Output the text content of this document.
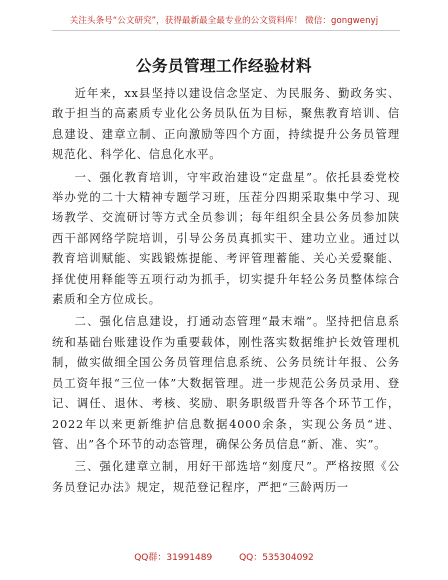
关注头条号“公文研究”，获得最新最全最专业的公文资料库！ 微信：gongwenyj
公务员管理工作经验材料

近年来，xx县坚持以建设信念坚定、为民服务、勤政务实、敢于担当的高素质专业化公务员队伍为目标，聚焦教育培训、信息建设、建章立制、正向激励等四个方面，持续提升公务员管理规范化、科学化、信息化水平。

一、强化教育培训，守牢政治建设“定盘星”。依托县委党校举办党的二十大精神专题学习班，压茬分四期采取集中学习、现场教学、交流研讨等方式全员参训；每年组织全县公务员参加陕西干部网络学院培训，引导公务员真抓实干、建功立业。通过以教育培训赋能、实践锻炼提能、考评管理蓄能、关心关爱聚能、择优使用释能等五项行动为抓手，切实提升年轻公务员整体综合素质和全方位成长。

二、强化信息建设，打通动态管理“最末端”。坚持把信息系统和基础台账建设作为重要载体，刚性落实数据维护长效管理机制，做实做细全国公务员管理信息系统、公务员统计年报、公务员工资年报“三位一体”大数据管理。进一步规范公务员录用、登记、调任、退休、考核、奖励、职务职级晋升等各个环节工作，2022年以来更新维护信息数据4000余条，实现公务员“进、管、出”各个环节的动态管理，确保公务员信息“新、准、实”。

三、强化建章立制，用好干部选培“刻度尺”。严格按照《公务员登记办法》规定，规范登记程序，严把“三龄两历一

QQ群：31991489	QQ：535304092
